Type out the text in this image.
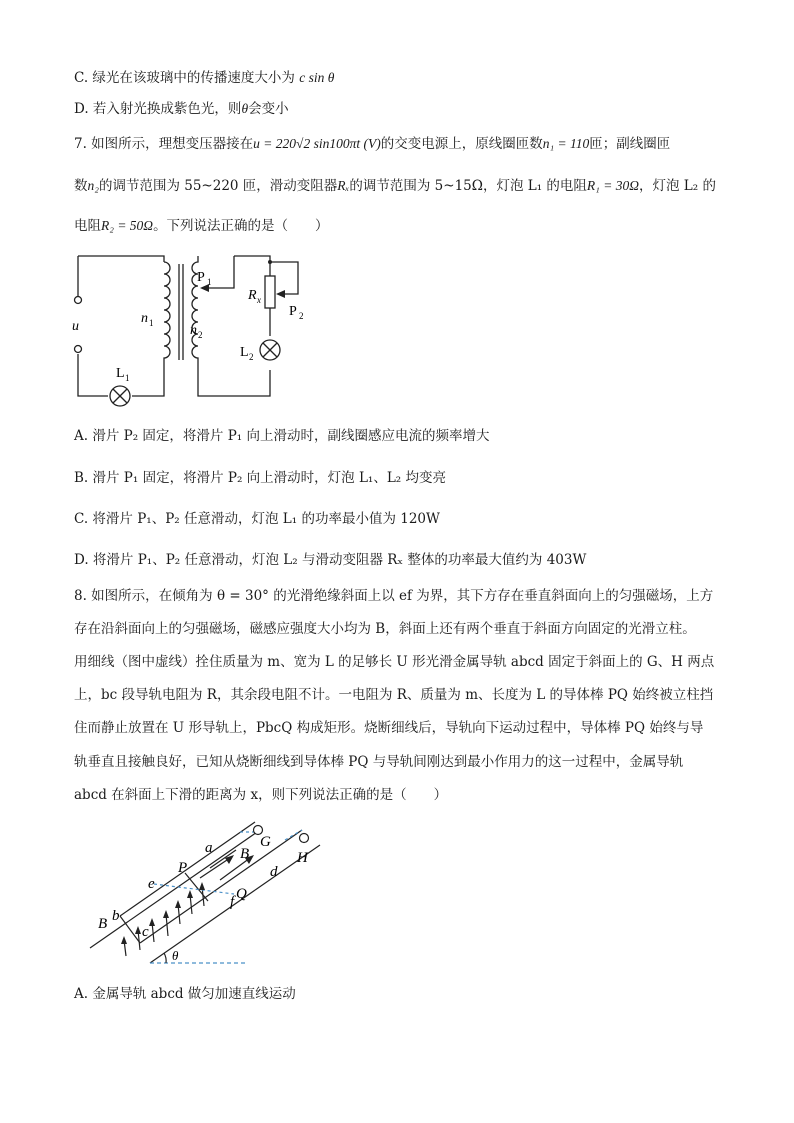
C. 绿光在该玻璃中的传播速度大小为 c sin θ
D. 若入射光换成紫色光，则θ会变小
7. 如图所示，理想变压器接在u = 220√2 sin100πt (V)的交变电源上，原线圈匝数n₁ = 110匝；副线圈匝
数n₂的调节范围为 55~220 匝，滑动变阻器Rₓ的调节范围为 5~15Ω，灯泡 L₁ 的电阻R₁ = 30Ω，灯泡 L₂ 的
电阻R₂ = 50Ω。下列说法正确的是（　　）
u
n 1	n 2
P 1
P 2
R x
L 2
L 1
A. 滑片 P₂ 固定，将滑片 P₁ 向上滑动时，副线圈感应电流的频率增大
B. 滑片 P₁ 固定，将滑片 P₂ 向上滑动时，灯泡 L₁、L₂ 均变亮
C. 将滑片 P₁、P₂ 任意滑动，灯泡 L₁ 的功率最小值为 120W
D. 将滑片 P₁、P₂ 任意滑动，灯泡 L₂ 与滑动变阻器 Rₓ 整体的功率最大值约为 403W
8. 如图所示，在倾角为 θ = 30° 的光滑绝缘斜面上以 ef 为界，其下方存在垂直斜面向上的匀强磁场，上方
存在沿斜面向上的匀强磁场，磁感应强度大小均为 B，斜面上还有两个垂直于斜面方向固定的光滑立柱。
用细线（图中虚线）拴住质量为 m、宽为 L 的足够长 U 形光滑金属导轨 abcd 固定于斜面上的 G、H 两点
上，bc 段导轨电阻为 R，其余段电阻不计。一电阻为 R、质量为 m、长度为 L 的导体棒 PQ 始终被立柱挡
住而静止放置在 U 形导轨上，PbcQ 构成矩形。烧断细线后，导轨向下运动过程中，导体棒 PQ 始终与导
轨垂直且接触良好，已知从烧断细线到导体棒 PQ 与导轨间刚达到最小作用力的这一过程中，金属导轨
abcd 在斜面上下滑的距离为 x，则下列说法正确的是（　　）
a
b
c
d
e
f
G
H
P
Q
B
B
θ
A. 金属导轨 abcd 做匀加速直线运动
